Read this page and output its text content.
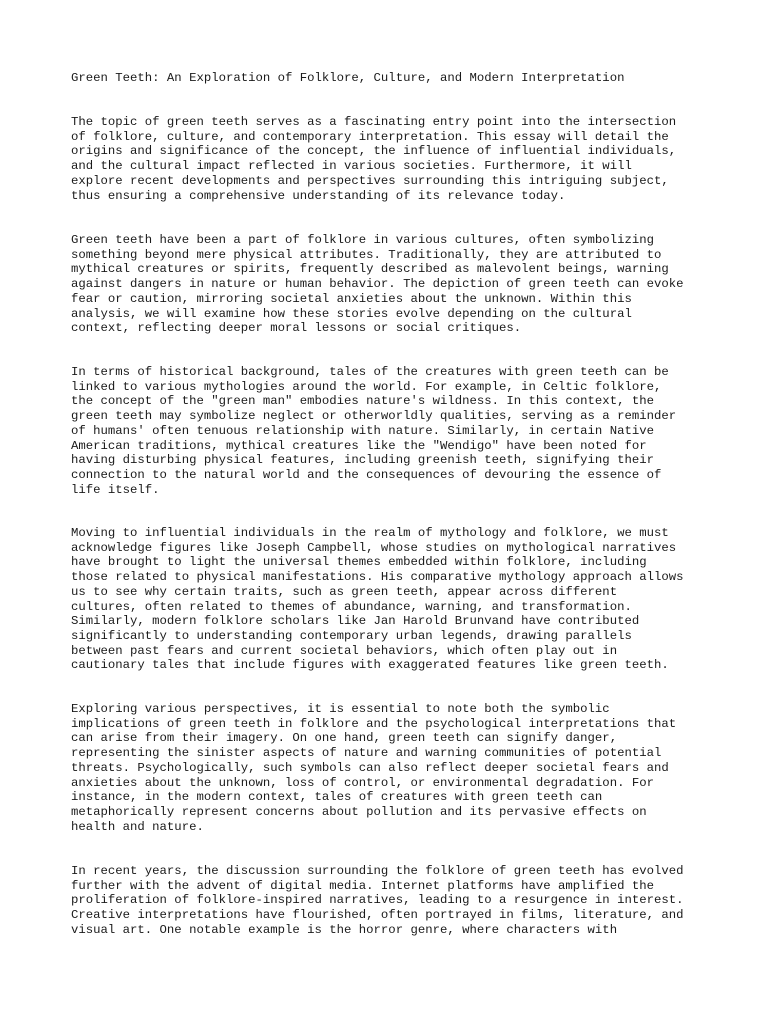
Green Teeth: An Exploration of Folklore, Culture, and Modern Interpretation

The topic of green teeth serves as a fascinating entry point into the intersection
of folklore, culture, and contemporary interpretation. This essay will detail the
origins and significance of the concept, the influence of influential individuals,
and the cultural impact reflected in various societies. Furthermore, it will
explore recent developments and perspectives surrounding this intriguing subject,
thus ensuring a comprehensive understanding of its relevance today.

Green teeth have been a part of folklore in various cultures, often symbolizing
something beyond mere physical attributes. Traditionally, they are attributed to
mythical creatures or spirits, frequently described as malevolent beings, warning
against dangers in nature or human behavior. The depiction of green teeth can evoke
fear or caution, mirroring societal anxieties about the unknown. Within this
analysis, we will examine how these stories evolve depending on the cultural
context, reflecting deeper moral lessons or social critiques.

In terms of historical background, tales of the creatures with green teeth can be
linked to various mythologies around the world. For example, in Celtic folklore,
the concept of the "green man" embodies nature's wildness. In this context, the
green teeth may symbolize neglect or otherworldly qualities, serving as a reminder
of humans' often tenuous relationship with nature. Similarly, in certain Native
American traditions, mythical creatures like the "Wendigo" have been noted for
having disturbing physical features, including greenish teeth, signifying their
connection to the natural world and the consequences of devouring the essence of
life itself.

Moving to influential individuals in the realm of mythology and folklore, we must
acknowledge figures like Joseph Campbell, whose studies on mythological narratives
have brought to light the universal themes embedded within folklore, including
those related to physical manifestations. His comparative mythology approach allows
us to see why certain traits, such as green teeth, appear across different
cultures, often related to themes of abundance, warning, and transformation.
Similarly, modern folklore scholars like Jan Harold Brunvand have contributed
significantly to understanding contemporary urban legends, drawing parallels
between past fears and current societal behaviors, which often play out in
cautionary tales that include figures with exaggerated features like green teeth.

Exploring various perspectives, it is essential to note both the symbolic
implications of green teeth in folklore and the psychological interpretations that
can arise from their imagery. On one hand, green teeth can signify danger,
representing the sinister aspects of nature and warning communities of potential
threats. Psychologically, such symbols can also reflect deeper societal fears and
anxieties about the unknown, loss of control, or environmental degradation. For
instance, in the modern context, tales of creatures with green teeth can
metaphorically represent concerns about pollution and its pervasive effects on
health and nature.

In recent years, the discussion surrounding the folklore of green teeth has evolved
further with the advent of digital media. Internet platforms have amplified the
proliferation of folklore-inspired narratives, leading to a resurgence in interest.
Creative interpretations have flourished, often portrayed in films, literature, and
visual art. One notable example is the horror genre, where characters with
